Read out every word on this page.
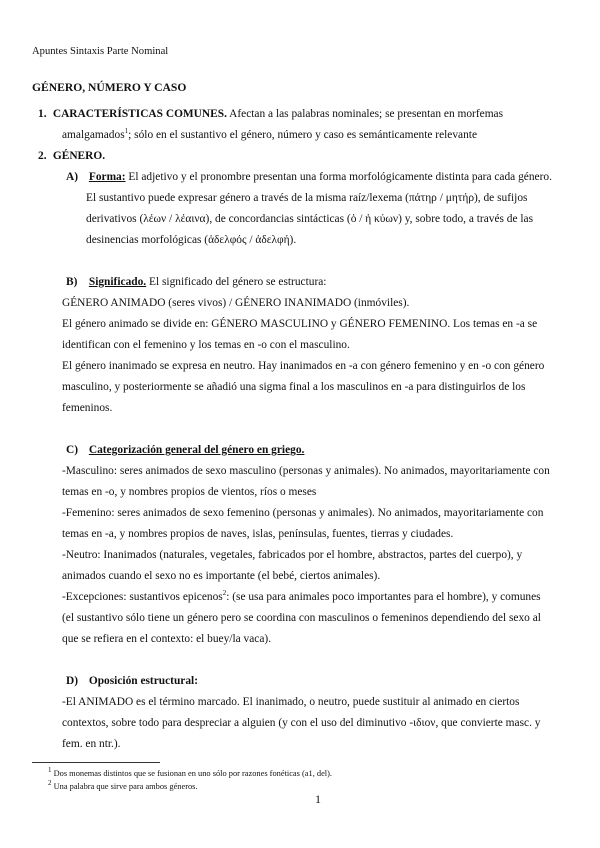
Apuntes Sintaxis Parte Nominal
GÉNERO, NÚMERO Y CASO
1. CARACTERÍSTICAS COMUNES. Afectan a las palabras nominales; se presentan en morfemas
amalgamados$^1$; sólo en el sustantivo el género, número y caso es semánticamente relevante
2. GÉNERO.
A) Forma: El adjetivo y el pronombre presentan una forma morfológicamente distinta para cada género.
El sustantivo puede expresar género a través de la misma raíz/lexema (πάτηρ / μητήρ), de sufijos
derivativos (λέων / λέαινα), de concordancias sintácticas (ὁ / ἡ κύων) y, sobre todo, a través de las
desinencias morfológicas (ἀδελφός / ἀδελφή).
B) Significado. El significado del género se estructura:
GÉNERO ANIMADO (seres vivos) / GÉNERO INANIMADO (inmóviles).
El género animado se divide en: GÉNERO MASCULINO y GÉNERO FEMENINO. Los temas en -a se
identifican con el femenino y los temas en -o con el masculino.
El género inanimado se expresa en neutro. Hay inanimados en -a con género femenino y en -o con género
masculino, y posteriormente se añadió una sigma final a los masculinos en -a para distinguirlos de los
femeninos.
C) Categorización general del género en griego.
-Masculino: seres animados de sexo masculino (personas y animales). No animados, mayoritariamente con
temas en -o, y nombres propios de vientos, ríos o meses
-Femenino: seres animados de sexo femenino (personas y animales). No animados, mayoritariamente con
temas en -a, y nombres propios de naves, islas, penínsulas, fuentes, tierras y ciudades.
-Neutro: Inanimados (naturales, vegetales, fabricados por el hombre, abstractos, partes del cuerpo), y
animados cuando el sexo no es importante (el bebé, ciertos animales).
-Excepciones: sustantivos epicenos$^2$: (se usa para animales poco importantes para el hombre), y comunes
(el sustantivo sólo tiene un género pero se coordina con masculinos o femeninos dependiendo del sexo al
que se refiera en el contexto: el buey/la vaca).
D) Oposición estructural:
-El ANIMADO es el término marcado. El inanimado, o neutro, puede sustituir al animado en ciertos
contextos, sobre todo para despreciar a alguien (y con el uso del diminutivo -ιδιον, que convierte masc. y
fem. en ntr.).
$^1$ Dos monemas distintos que se fusionan en uno sólo por razones fonéticas (a1, del).
$^2$ Una palabra que sirve para ambos géneros.
1
